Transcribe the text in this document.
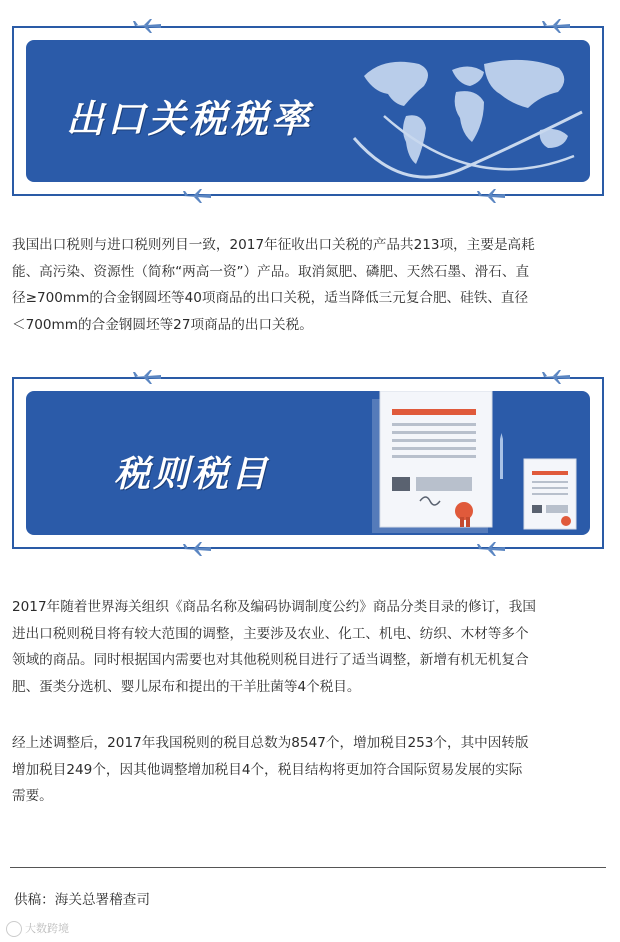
出口关税税率
我国出口税则与进口税则列目一致，2017年征收出口关税的产品共213项，主要是高耗
能、高污染、资源性（简称“两高一资”）产品。取消氮肥、磷肥、天然石墨、滑石、直
径≥700mm的合金钢圆坯等40项商品的出口关税，适当降低三元复合肥、硅铁、直径
＜700mm的合金钢圆坯等27项商品的出口关税。
税则税目
2017年随着世界海关组织《商品名称及编码协调制度公约》商品分类目录的修订，我国
进出口税则税目将有较大范围的调整，主要涉及农业、化工、机电、纺织、木材等多个
领域的商品。同时根据国内需要也对其他税则税目进行了适当调整，新增有机无机复合
肥、蛋类分选机、婴儿尿布和提出的干羊肚菌等4个税目。
经上述调整后，2017年我国税则的税目总数为8547个，增加税目253个，其中因转版
增加税目249个，因其他调整增加税目4个，税目结构将更加符合国际贸易发展的实际
需要。
供稿：海关总署稽查司
大数跨境
